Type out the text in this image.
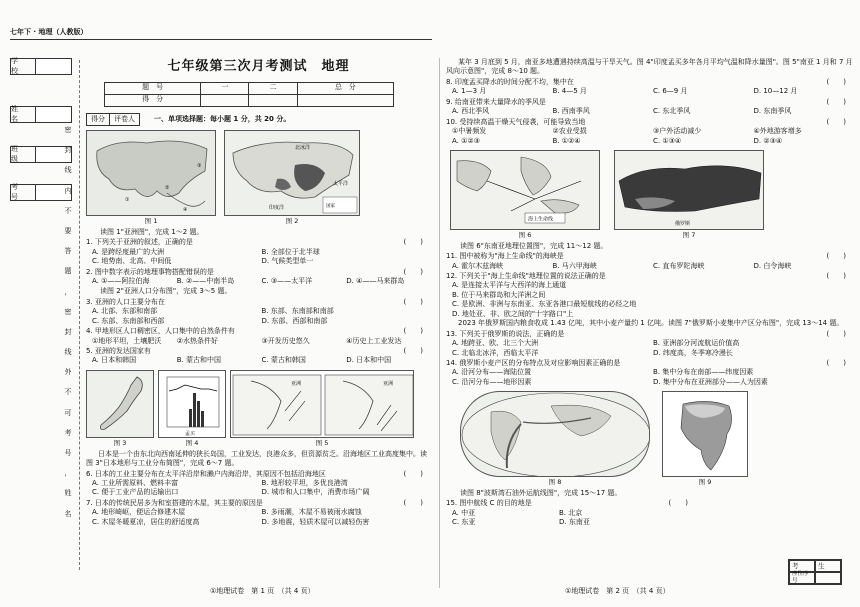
七年下 · 地理（人教版）
学　校
姓　名
班　级
考　号
密
封
线
内
不
要
答
题
，
密
封
线
外
不
可
考
号
，
姓
名
七年级第三次月考测试　地理
题　号	一	二	总　分
得　分			
得分	评卷人	一、单项选择题：每小题 1 分，共 20 分。
①
②
③
④
图 1
北冰洋
太平洋
印度洋	国家
图 2
读图 1"亚洲图"，完成 1～2 题。
1. 下列关于亚洲的叙述，正确的是	(　　)
A. 是跨经度最广的大洲	B. 全部位于北半球
C. 地势南、北高、中间低	D. 气候类型单一
2. 图中数字表示的地理事物搭配错误的是	(　　)
A. ①——阿拉伯海	B. ②——中南半岛	C. ③——太平洋	D. ④——马来群岛
读图 2"亚洲人口分布图"，完成 3～5 题。
3. 亚洲的人口主要分布在	(　　)
A. 北部、东部和南部	B. 东部、东南部和南部
C. 东部、东南部和西部	D. 东部、西部和南部
4. 甲地形区人口稠密区，人口集中的自然条件有	(　　)
①地形平坦，土壤肥沃	②水热条件好	③开发历史悠久	④历史上工业发达
5. 亚洲的发达国家有	(　　)
A. 日本和韩国	B. 蒙古和中国	C. 蒙古和韩国	D. 日本和中国
图 3
孟买
图 4
亚洲	亚洲
图 5
日本是一个由东北向西南延伸的狭长岛国，工业发达，良港众多，但资源贫乏。沿海地区工业高度集中。读图 3"日本地形与工业分布简图"，完成 6～7 题。
6. 日本的工业主要分布在太平洋沿岸和濑户内海沿岸，其原因不包括沿海地区	(　　)
A. 工业所需原料、燃料丰富	B. 地形较平坦，多优良港湾
C. 便于工业产品的运输出口	D. 城市和人口集中，消费市场广阔
7. 日本的传统民居多为和室搭建的木屋，其主要的原因是	(　　)
A. 地形崎岖，便运合修建木屋	B. 多雨潮，木屋不易被雨水腐蚀
C. 木屋冬暖夏凉，居住的舒适度高	D. 多地震，轻质木屋可以减轻伤害
①地理试卷　第 1 页　（共 4 页）
某年 3 月底到 5 月，南亚多地遭遇持续高温与干旱天气。图 4"印度孟买多年各月平均气温和降水量图"。图 5"南亚 1 月和 7 月风向示意图"，完成 8～10 题。
8. 印度孟买降水的时间分配不均，集中在	(　　)
A. 1—3 月	B. 4—5 月	C. 6—9 月	D. 10—12 月
9. 给南亚带来大量降水的季风是	(　　)
A. 西北季风	B. 西南季风	C. 东北季风	D. 东南季风
10. 受持续高温干燥天气侵袭，可能导致当地	(　　)
①中暑频发	②农业受损	③户外活动减少	④外地游客增多
A. ①②③	B. ①②④	C. ①③④	D. ②③④
海上生命线
图 6
俄罗斯
图 7
读图 6"东南亚地理位置图"，完成 11～12 题。
11. 图中被称为"海上生命线"的海峡是	(　　)
A. 霍尔木兹海峡	B. 马六甲海峡	C. 直布罗陀海峡	D. 白令海峡
12. 下列关于"海上生命线"地理位置的说法正确的是	(　　)
A. 是连接太平洋与大西洋的海上通道
B. 位于马来群岛和大洋洲之间
C. 是欧洲、非洲与东南亚、东亚各港口最短航线的必经之地
D. 地处亚、非、欧之间的"十字路口"上
2023 年俄罗斯国内粮食收成 1.43 亿吨，其中小麦产量约 1 亿吨。读图 7"俄罗斯小麦集中产区分布图"，完成 13～14 题。
13. 下列关于俄罗斯的说法，正确的是	(　　)
A. 地跨亚、欧、北三个大洲	B. 亚洲部分河流航运价值高
C. 北临北冰洋，西临太平洋	D. 纬度高，冬季寒冷漫长
14. 俄罗斯小麦产区的分布特点及对应影响因素正确的是	(　　)
A. 沿河分布——海陆位置	B. 集中分布在南部——纬度因素
C. 沿河分布——地形因素	D. 集中分布在亚洲部分——人为因素
图 8	图 9
读图 8"波斯湾石油外运航线图"，完成 15～17 题。
15. 图中航线 C 的目的地是	(　　)
A. 中亚	B. 北京
C. 东亚	D. 东南亚
考	生
座位序号
①地理试卷　第 2 页　（共 4 页）
